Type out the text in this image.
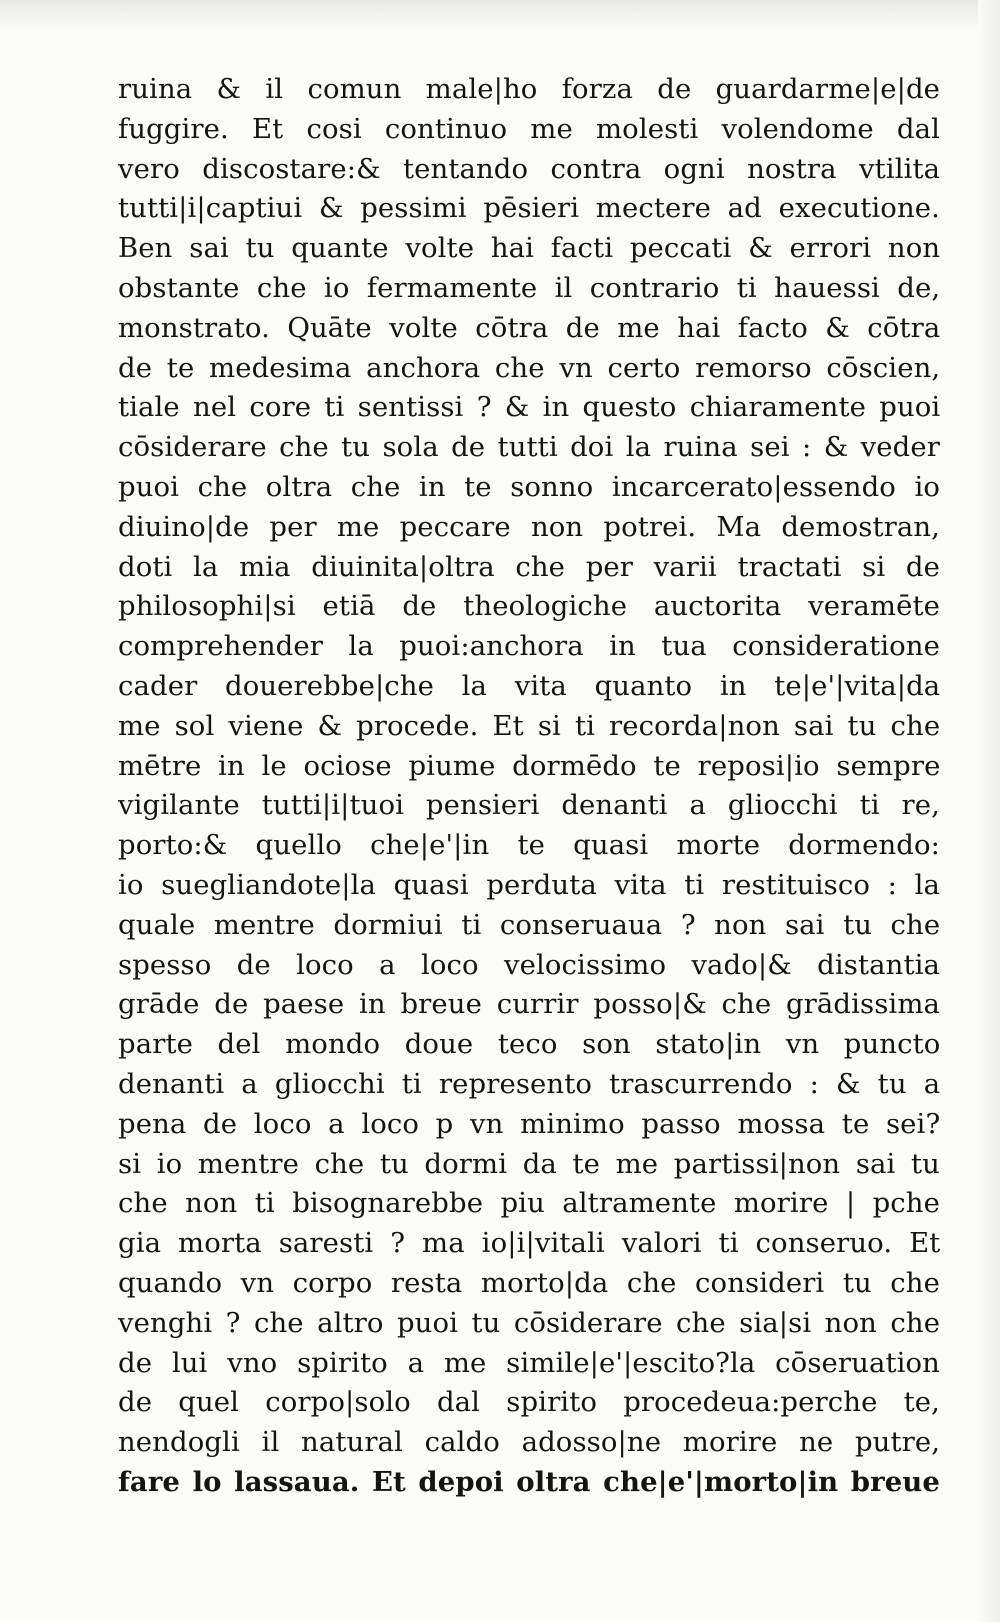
ruina & il comun male|ho forza de guardarme|e|de
fuggire. Et cosi continuo me molesti volendome dal
vero discostare:& tentando contra ogni nostra vtilita
tutti|i|captiui & pessimi pēsieri mectere ad executione.
Ben sai tu quante volte hai facti peccati & errori non
obstante che io fermamente il contrario ti hauessi de,
monstrato. Quāte volte cōtra de me hai facto & cōtra
de te medesima anchora che vn certo remorso cōscien,
tiale nel core ti sentissi ? & in questo chiaramente puoi
cōsiderare che tu sola de tutti doi la ruina sei : & veder
puoi che oltra che in te sonno incarcerato|essendo io
diuino|de per me peccare non potrei. Ma demostran,
doti la mia diuinita|oltra che per varii tractati si de
philosophi|si etiā de theologiche auctorita veramēte
comprehender la puoi:anchora in tua consideratione
cader douerebbe|che la vita quanto in te|e'|vita|da
me sol viene & procede. Et si ti recorda|non sai tu che
mētre in le ociose piume dormēdo te reposi|io sempre
vigilante tutti|i|tuoi pensieri denanti a gliocchi ti re,
porto:& quello che|e'|in te quasi morte dormendo:
io suegliandote|la quasi perduta vita ti restituisco : la
quale mentre dormiui ti conseruaua ? non sai tu che
spesso de loco a loco velocissimo vado|& distantia
grāde de paese in breue currir posso|& che grādissima
parte del mondo doue teco son stato|in vn puncto
denanti a gliocchi ti represento trascurrendo : & tu a
pena de loco a loco p vn minimo passo mossa te sei?
si io mentre che tu dormi da te me partissi|non sai tu
che non ti bisognarebbe piu altramente morire | pche
gia morta saresti ? ma io|i|vitali valori ti conseruo. Et
quando vn corpo resta morto|da che consideri tu che
venghi ? che altro puoi tu cōsiderare che sia|si non che
de lui vno spirito a me simile|e'|escito?la cōseruation
de quel corpo|solo dal spirito procedeua:perche te,
nendogli il natural caldo adosso|ne morire ne putre,
fare lo lassaua. Et depoi oltra che|e'|morto|in breue
